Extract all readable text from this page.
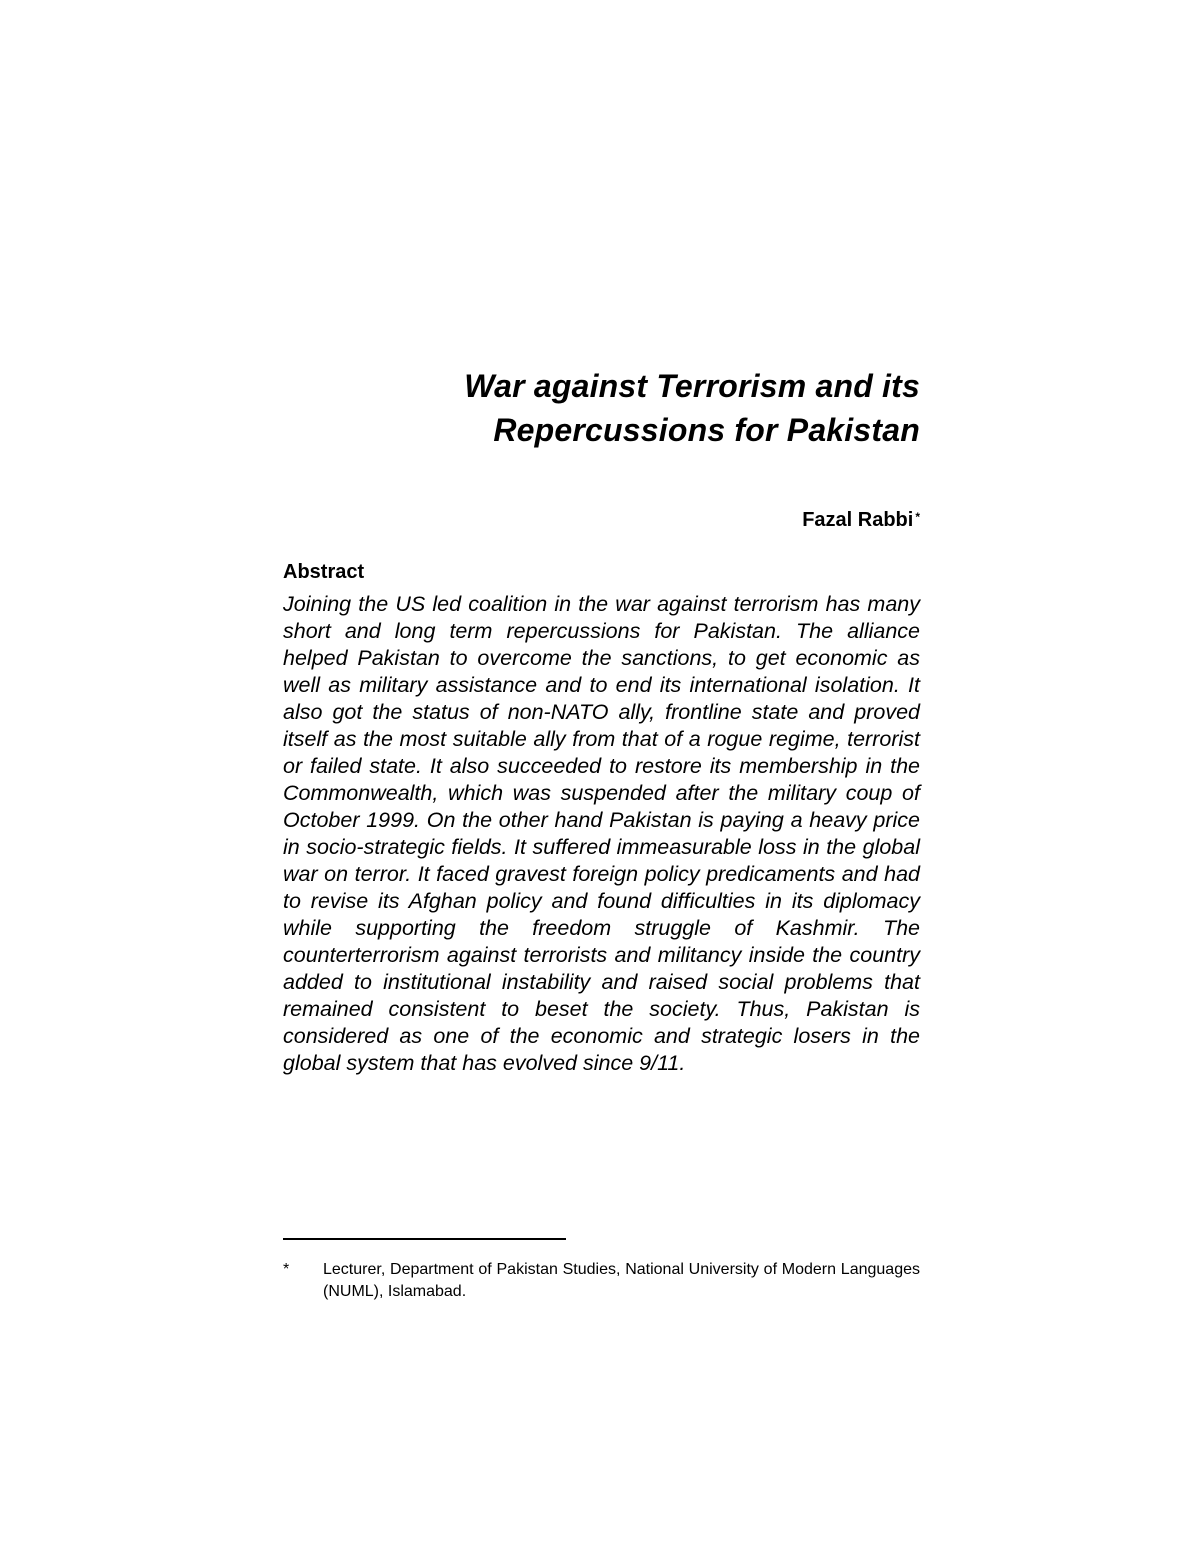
War against Terrorism and its
Repercussions for Pakistan
Fazal Rabbi *
Abstract

Joining the US led coalition in the war against terrorism has many short and long term repercussions for Pakistan. The alliance helped Pakistan to overcome the sanctions, to get economic as well as military assistance and to end its international isolation. It also got the status of non-NATO ally, frontline state and proved itself as the most suitable ally from that of a rogue regime, terrorist or failed state. It also succeeded to restore its membership in the Commonwealth, which was suspended after the military coup of October 1999. On the other hand Pakistan is paying a heavy price in socio-strategic fields. It suffered immeasurable loss in the global war on terror. It faced gravest foreign policy predicaments and had to revise its Afghan policy and found difficulties in its diplomacy while supporting the freedom struggle of Kashmir. The counterterrorism against terrorists and militancy inside the country added to institutional instability and raised social problems that remained consistent to beset the society. Thus, Pakistan is considered as one of the economic and strategic losers in the global system that has evolved since 9/11.

*	Lecturer, Department of Pakistan Studies, National University of Modern Languages (NUML), Islamabad.
